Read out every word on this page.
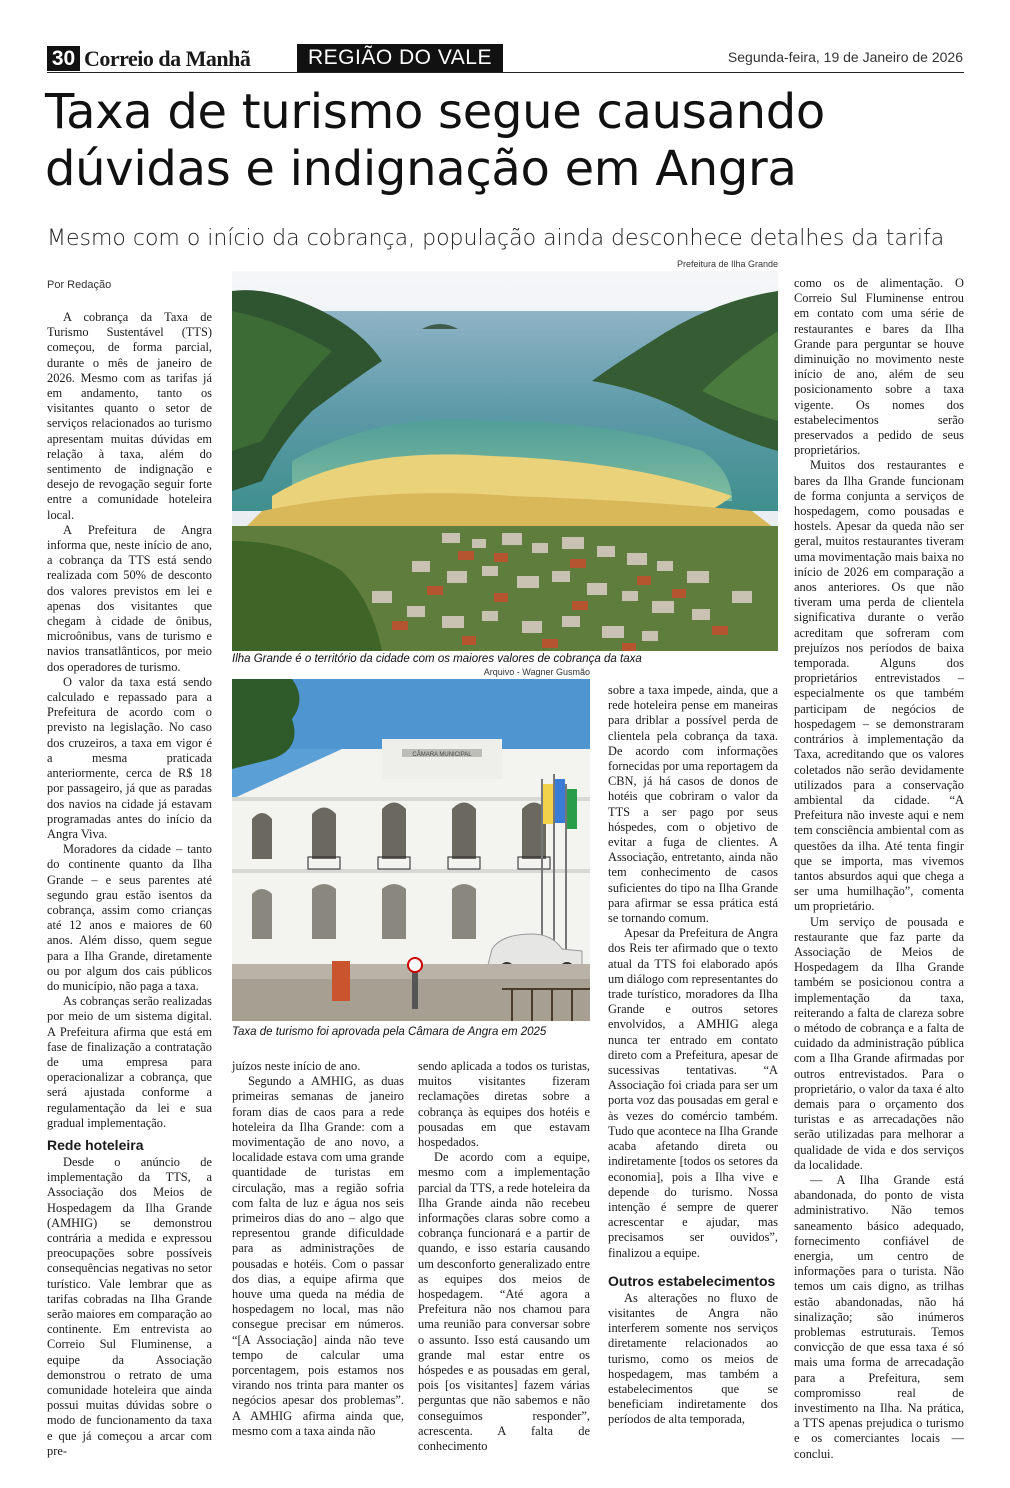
30 Correio da Manhã	REGIÃO DO VALE	Segunda-feira, 19 de Janeiro de 2026
Taxa de turismo segue causando dúvidas e indignação em Angra
Mesmo com o início da cobrança, população ainda desconhece detalhes da tarifa
Por Redação
Prefeitura de Ilha Grande
Ilha Grande é o território da cidade com os maiores valores de cobrança da taxa
Arquivo - Wagner Gusmão
CÂMARA MUNICIPAL
Taxa de turismo foi aprovada pela Câmara de Angra em 2025

A cobrança da Taxa de Turismo Sustentável (TTS) começou, de forma parcial, durante o mês de janeiro de 2026. Mesmo com as tarifas já em andamento, tanto os visitantes quanto o setor de serviços relacionados ao turismo apresentam muitas dúvidas em relação à taxa, além do sentimento de indignação e desejo de revogação seguir forte entre a comunidade hoteleira local.

A Prefeitura de Angra informa que, neste início de ano, a cobrança da TTS está sendo realizada com 50% de desconto dos valores previstos em lei e apenas dos visitantes que chegam à cidade de ônibus, microônibus, vans de turismo e navios transatlânticos, por meio dos operadores de turismo.

O valor da taxa está sendo calculado e repassado para a Prefeitura de acordo com o previsto na legislação. No caso dos cruzeiros, a taxa em vigor é a mesma praticada anteriormente, cerca de R$ 18 por passageiro, já que as paradas dos navios na cidade já estavam programadas antes do início da Angra Viva.

Moradores da cidade – tanto do continente quanto da Ilha Grande – e seus parentes até segundo grau estão isentos da cobrança, assim como crianças até 12 anos e maiores de 60 anos. Além disso, quem segue para a Ilha Grande, diretamente ou por algum dos cais públicos do município, não paga a taxa.

As cobranças serão realizadas por meio de um sistema digital. A Prefeitura afirma que está em fase de finalização a contratação de uma empresa para operacionalizar a cobrança, que será ajustada conforme a regulamentação da lei e sua gradual implementação.

Rede hoteleira

Desde o anúncio de implementação da TTS, a Associação dos Meios de Hospedagem da Ilha Grande (AMHIG) se demonstrou contrária a medida e expressou preocupações sobre possíveis consequências negativas no setor turístico. Vale lembrar que as tarifas cobradas na Ilha Grande serão maiores em comparação ao continente. Em entrevista ao Correio Sul Fluminense, a equipe da Associação demonstrou o retrato de uma comunidade hoteleira que ainda possui muitas dúvidas sobre o modo de funcionamento da taxa e que já começou a arcar com pre-

juízos neste início de ano.

Segundo a AMHIG, as duas primeiras semanas de janeiro foram dias de caos para a rede hoteleira da Ilha Grande: com a movimentação de ano novo, a localidade estava com uma grande quantidade de turistas em circulação, mas a região sofria com falta de luz e água nos seis primeiros dias do ano – algo que representou grande dificuldade para as administrações de pousadas e hotéis. Com o passar dos dias, a equipe afirma que houve uma queda na média de hospedagem no local, mas não consegue precisar em números. “[A Associação] ainda não teve tempo de calcular uma porcentagem, pois estamos nos virando nos trinta para manter os negócios apesar dos problemas”. A AMHIG afirma ainda que, mesmo com a taxa ainda não

sendo aplicada a todos os turistas, muitos visitantes fizeram reclamações diretas sobre a cobrança às equipes dos hotéis e pousadas em que estavam hospedados.

De acordo com a equipe, mesmo com a implementação parcial da TTS, a rede hoteleira da Ilha Grande ainda não recebeu informações claras sobre como a cobrança funcionará e a partir de quando, e isso estaria causando um desconforto generalizado entre as equipes dos meios de hospedagem. “Até agora a Prefeitura não nos chamou para uma reunião para conversar sobre o assunto. Isso está causando um grande mal estar entre os hóspedes e as pousadas em geral, pois [os visitantes] fazem várias perguntas que não sabemos e não conseguimos responder”, acrescenta. A falta de conhecimento

sobre a taxa impede, ainda, que a rede hoteleira pense em maneiras para driblar a possível perda de clientela pela cobrança da taxa. De acordo com informações fornecidas por uma reportagem da CBN, já há casos de donos de hotéis que cobriram o valor da TTS a ser pago por seus hóspedes, com o objetivo de evitar a fuga de clientes. A Associação, entretanto, ainda não tem conhecimento de casos suficientes do tipo na Ilha Grande para afirmar se essa prática está se tornando comum.

Apesar da Prefeitura de Angra dos Reis ter afirmado que o texto atual da TTS foi elaborado após um diálogo com representantes do trade turístico, moradores da Ilha Grande e outros setores envolvidos, a AMHIG alega nunca ter entrado em contato direto com a Prefeitura, apesar de sucessivas tentativas. “A Associação foi criada para ser um porta voz das pousadas em geral e às vezes do comércio também. Tudo que acontece na Ilha Grande acaba afetando direta ou indiretamente [todos os setores da economia], pois a Ilha vive e depende do turismo. Nossa intenção é sempre de querer acrescentar e ajudar, mas precisamos ser ouvidos”, finalizou a equipe.

Outros estabelecimentos

As alterações no fluxo de visitantes de Angra não interferem somente nos serviços diretamente relacionados ao turismo, como os meios de hospedagem, mas também a estabelecimentos que se beneficiam indiretamente dos períodos de alta temporada,

como os de alimentação. O Correio Sul Fluminense entrou em contato com uma série de restaurantes e bares da Ilha Grande para perguntar se houve diminuição no movimento neste início de ano, além de seu posicionamento sobre a taxa vigente. Os nomes dos estabelecimentos serão preservados a pedido de seus proprietários.

Muitos dos restaurantes e bares da Ilha Grande funcionam de forma conjunta a serviços de hospedagem, como pousadas e hostels. Apesar da queda não ser geral, muitos restaurantes tiveram uma movimentação mais baixa no início de 2026 em comparação a anos anteriores. Os que não tiveram uma perda de clientela significativa durante o verão acreditam que sofreram com prejuízos nos períodos de baixa temporada. Alguns dos proprietários entrevistados – especialmente os que também participam de negócios de hospedagem – se demonstraram contrários à implementação da Taxa, acreditando que os valores coletados não serão devidamente utilizados para a conservação ambiental da cidade. “A Prefeitura não investe aqui e nem tem consciência ambiental com as questões da ilha. Até tenta fingir que se importa, mas vivemos tantos absurdos aqui que chega a ser uma humilhação”, comenta um proprietário.

Um serviço de pousada e restaurante que faz parte da Associação de Meios de Hospedagem da Ilha Grande também se posicionou contra a implementação da taxa, reiterando a falta de clareza sobre o método de cobrança e a falta de cuidado da administração pública com a Ilha Grande afirmadas por outros entrevistados. Para o proprietário, o valor da taxa é alto demais para o orçamento dos turistas e as arrecadações não serão utilizadas para melhorar a qualidade de vida e dos serviços da localidade.

— A Ilha Grande está abandonada, do ponto de vista administrativo. Não temos saneamento básico adequado, fornecimento confiável de energia, um centro de informações para o turista. Não temos um cais digno, as trilhas estão abandonadas, não há sinalização; são inúmeros problemas estruturais. Temos convicção de que essa taxa é só mais uma forma de arrecadação para a Prefeitura, sem compromisso real de investimento na Ilha. Na prática, a TTS apenas prejudica o turismo e os comerciantes locais — conclui.
